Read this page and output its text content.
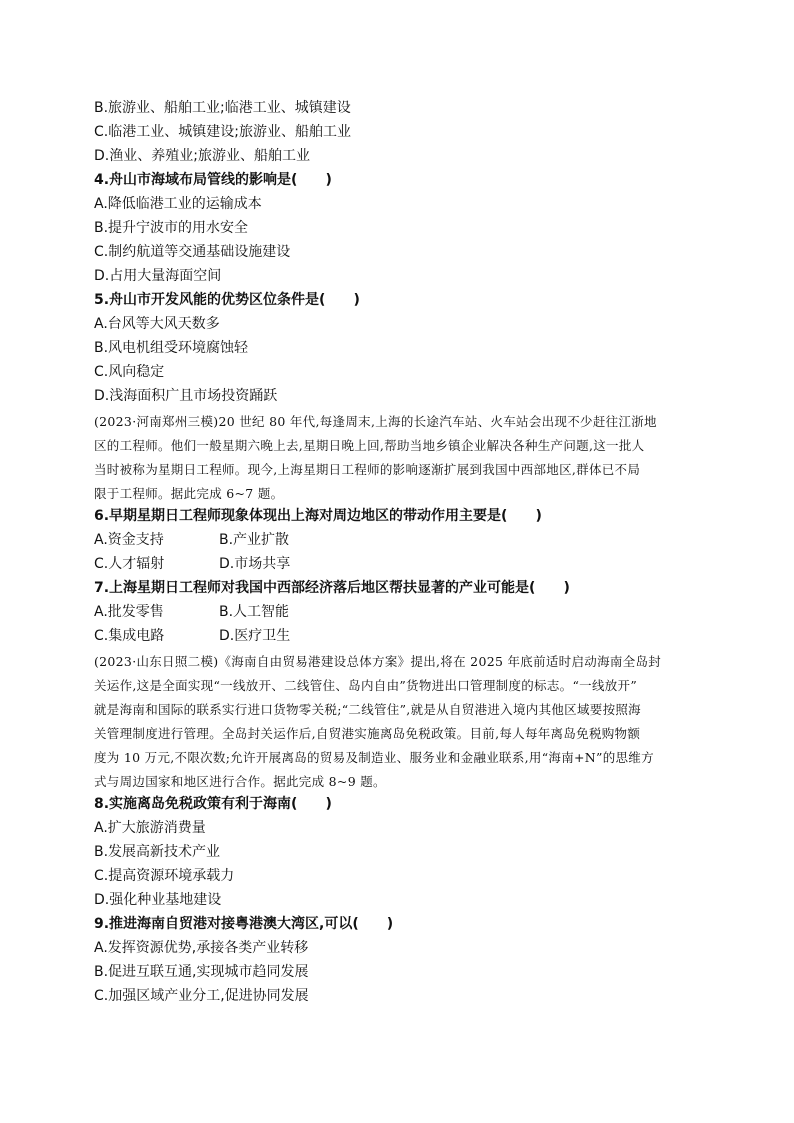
B.旅游业、船舶工业;临港工业、城镇建设
C.临港工业、城镇建设;旅游业、船舶工业
D.渔业、养殖业;旅游业、船舶工业
4.舟山市海域布局管线的影响是(　　)
A.降低临港工业的运输成本
B.提升宁波市的用水安全
C.制约航道等交通基础设施建设
D.占用大量海面空间
5.舟山市开发风能的优势区位条件是(　　)
A.台风等大风天数多
B.风电机组受环境腐蚀轻
C.风向稳定
D.浅海面积广且市场投资踊跃
(2023·河南郑州三模)20 世纪 80 年代,每逢周末,上海的长途汽车站、火车站会出现不少赶往江浙地
区的工程师。他们一般星期六晚上去,星期日晚上回,帮助当地乡镇企业解决各种生产问题,这一批人
当时被称为星期日工程师。现今,上海星期日工程师的影响逐渐扩展到我国中西部地区,群体已不局
限于工程师。据此完成 6~7 题。
6.早期星期日工程师现象体现出上海对周边地区的带动作用主要是(　　)
A.资金支持	B.产业扩散
C.人才辐射	D.市场共享
7.上海星期日工程师对我国中西部经济落后地区帮扶显著的产业可能是(　　)
A.批发零售	B.人工智能
C.集成电路	D.医疗卫生
(2023·山东日照二模)《海南自由贸易港建设总体方案》提出,将在 2025 年底前适时启动海南全岛封
关运作,这是全面实现“一线放开、二线管住、岛内自由”货物进出口管理制度的标志。“一线放开”
就是海南和国际的联系实行进口货物零关税;“二线管住”,就是从自贸港进入境内其他区域要按照海
关管理制度进行管理。全岛封关运作后,自贸港实施离岛免税政策。目前,每人每年离岛免税购物额
度为 10 万元,不限次数;允许开展离岛的贸易及制造业、服务业和金融业联系,用“海南+N”的思维方
式与周边国家和地区进行合作。据此完成 8~9 题。
8.实施离岛免税政策有利于海南(　　)
A.扩大旅游消费量
B.发展高新技术产业
C.提高资源环境承载力
D.强化种业基地建设
9.推进海南自贸港对接粤港澳大湾区,可以(　　)
A.发挥资源优势,承接各类产业转移
B.促进互联互通,实现城市趋同发展
C.加强区域产业分工,促进协同发展
